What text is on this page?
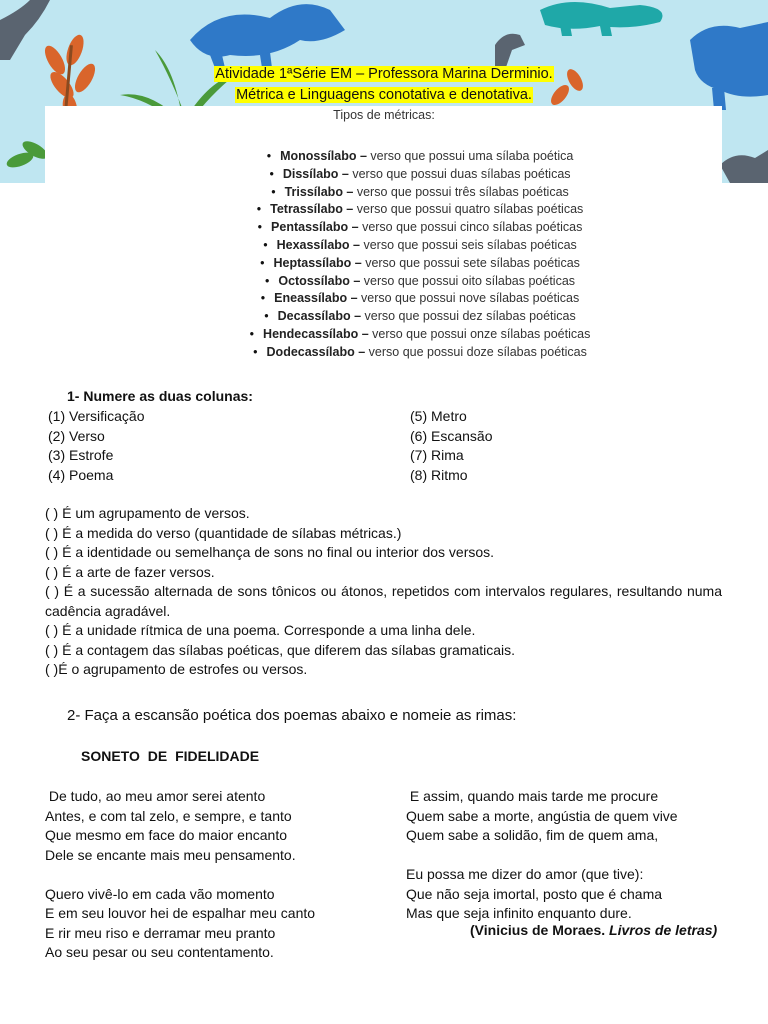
Atividade 1ªSérie EM – Professora Marina Derminio.
Métrica e Linguagens conotativa e denotativa.
Tipos de métricas:
• Monossílabo – verso que possui uma sílaba poética
• Dissílabo – verso que possui duas sílabas poéticas
• Trissílabo – verso que possui três sílabas poéticas
• Tetrassílabo – verso que possui quatro sílabas poéticas
• Pentassílabo – verso que possui cinco sílabas poéticas
• Hexassílabo – verso que possui seis sílabas poéticas
• Heptassílabo – verso que possui sete sílabas poéticas
• Octossílabo – verso que possui oito sílabas poéticas
• Eneassílabo – verso que possui nove sílabas poéticas
• Decassílabo – verso que possui dez sílabas poéticas
• Hendecassílabo – verso que possui onze sílabas poéticas
• Dodecassílabo – verso que possui doze sílabas poéticas
1- Numere as duas colunas:
(1) Versificação
(2) Verso
(3) Estrofe
(4) Poema
(5) Metro
(6) Escansão
(7) Rima
(8) Ritmo
( ) É um agrupamento de versos.
( ) É a medida do verso (quantidade de sílabas métricas.)
( ) É a identidade ou semelhança de sons no final ou interior dos versos.
( ) É a arte de fazer versos.
( ) É a sucessão alternada de sons tônicos ou átonos, repetidos com intervalos regulares, resultando numa cadência agradável.
( ) É a unidade rítmica de una poema. Corresponde a uma linha dele.
( ) É a contagem das sílabas poéticas, que diferem das sílabas gramaticais.
( )É o agrupamento de estrofes ou versos.
2- Faça a escansão poética dos poemas abaixo e nomeie as rimas:
SONETO DE FIDELIDADE
De tudo, ao meu amor serei atento
Antes, e com tal zelo, e sempre, e tanto
Que mesmo em face do maior encanto
Dele se encante mais meu pensamento.

Quero vivê-lo em cada vão momento
E em seu louvor hei de espalhar meu canto
E rir meu riso e derramar meu pranto
Ao seu pesar ou seu contentamento.
E assim, quando mais tarde me procure
Quem sabe a morte, angústia de quem vive
Quem sabe a solidão, fim de quem ama,

Eu possa me dizer do amor (que tive):
Que não seja imortal, posto que é chama
Mas que seja infinito enquanto dure.
(Vinicius de Moraes. Livros de letras)
